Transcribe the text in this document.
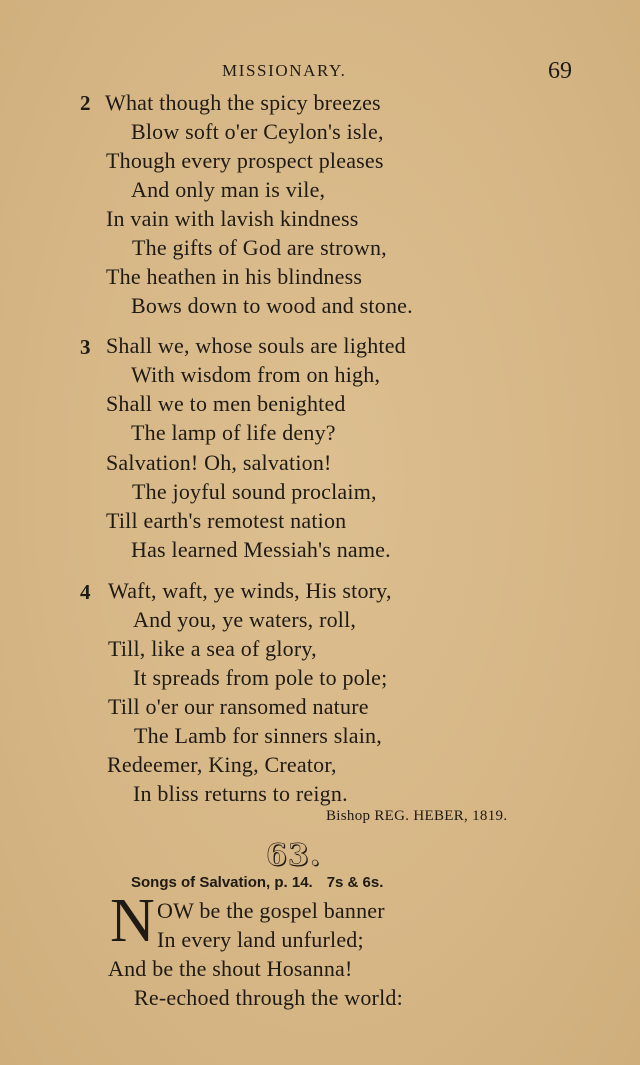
MISSIONARY.	69
2 What though the spicy breezes
Blow soft o'er Ceylon's isle,
Though every prospect pleases
And only man is vile,
In vain with lavish kindness
The gifts of God are strown,
The heathen in his blindness
Bows down to wood and stone.
3 Shall we, whose souls are lighted
With wisdom from on high,
Shall we to men benighted
The lamp of life deny?
Salvation! Oh, salvation!
The joyful sound proclaim,
Till earth's remotest nation
Has learned Messiah's name.
4 Waft, waft, ye winds, His story,
And you, ye waters, roll,
Till, like a sea of glory,
It spreads from pole to pole;
Till o'er our ransomed nature
The Lamb for sinners slain,
Redeemer, King, Creator,
In bliss returns to reign.
Bishop REG. HEBER, 1819.
63.
Songs of Salvation, p. 14. 7s & 6s.
N OW be the gospel banner
In every land unfurled;
And be the shout Hosanna!
Re-echoed through the world:
